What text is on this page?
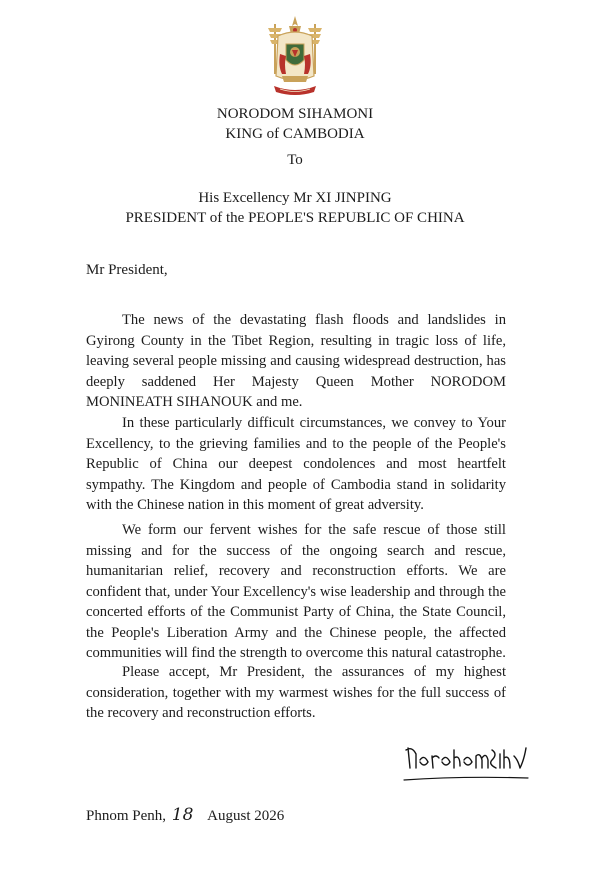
NORODOM SIHAMONI
KING of CAMBODIA
To
His Excellency Mr XI JINPING
PRESIDENT of the PEOPLE'S REPUBLIC OF CHINA
Mr President,

The news of the devastating flash floods and landslides in Gyirong County in the Tibet Region, resulting in tragic loss of life, leaving several people missing and causing widespread destruction, has deeply saddened Her Majesty Queen Mother NORODOM MONINEATH SIHANOUK and me.

In these particularly difficult circumstances, we convey to Your Excellency, to the grieving families and to the people of the People's Republic of China our deepest condolences and most heartfelt sympathy. The Kingdom and people of Cambodia stand in solidarity with the Chinese nation in this moment of great adversity.

We form our fervent wishes for the safe rescue of those still missing and for the success of the ongoing search and rescue, humanitarian relief, recovery and reconstruction efforts. We are confident that, under Your Excellency's wise leadership and through the concerted efforts of the Communist Party of China, the State Council, the People's Liberation Army and the Chinese people, the affected communities will find the strength to overcome this natural catastrophe.

Please accept, Mr President, the assurances of my highest consideration, together with my warmest wishes for the full success of the recovery and reconstruction efforts.

Phnom Penh, 18 August 2026
